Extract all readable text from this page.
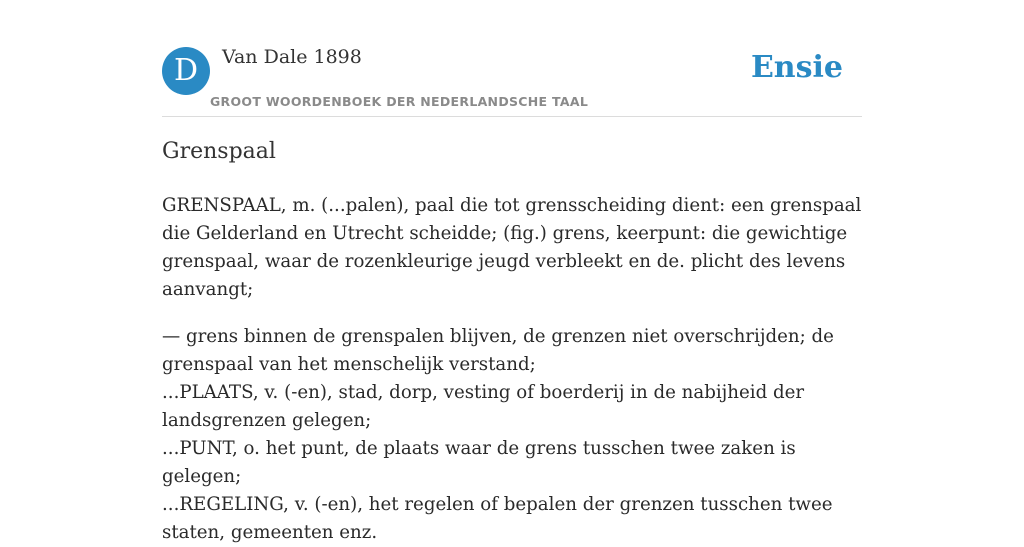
D	Van Dale 1898
GROOT WOORDENBOEK DER NEDERLANDSCHE TAAL
Ensie
Grenspaal

GRENSPAAL, m. (...palen), paal die tot grensscheiding dient: een grenspaal die Gelderland en Utrecht scheidde; (fig.) grens, keerpunt: die gewichtige grenspaal, waar de rozenkleurige jeugd verbleekt en de. plicht des levens aanvangt;

— grens binnen de grenspalen blijven, de grenzen niet overschrijden; de grenspaal van het menschelijk verstand;
...PLAATS, v. (-en), stad, dorp, vesting of boerderij in de nabijheid der landsgrenzen gelegen;
...PUNT, o. het punt, de plaats waar de grens tusschen twee zaken is gelegen;
...REGELING, v. (-en), het regelen of bepalen der grenzen tusschen twee staten, gemeenten enz.
